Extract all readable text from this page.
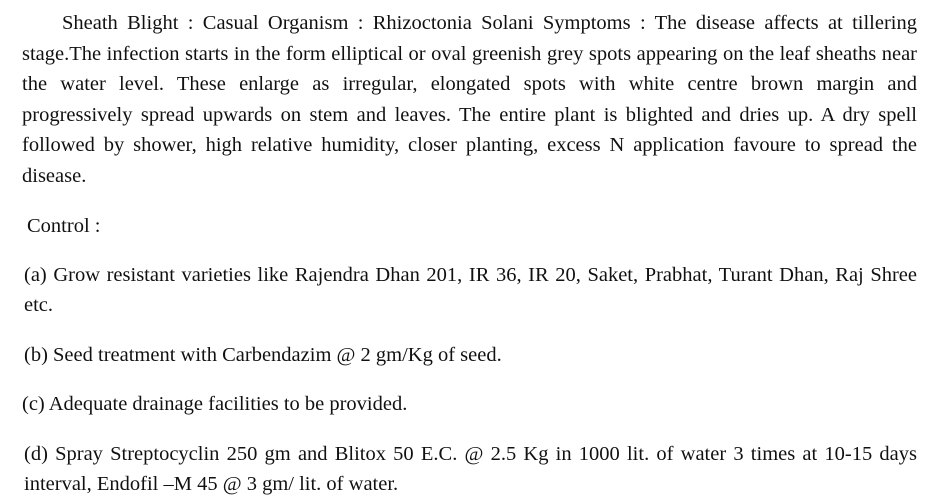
Sheath Blight : Casual Organism : Rhizoctonia Solani Symptoms : The disease affects at tillering stage.The infection starts in the form elliptical or oval greenish grey spots appearing on the leaf sheaths near the water level. These enlarge as irregular, elongated spots with white centre brown margin and progressively spread upwards on stem and leaves. The entire plant is blighted and dries up. A dry spell followed by shower, high relative humidity, closer planting, excess N application favoure to spread the disease.

Control :

(a) Grow resistant varieties like Rajendra Dhan 201, IR 36, IR 20, Saket, Prabhat, Turant Dhan, Raj Shree etc.

(b) Seed treatment with Carbendazim @ 2 gm/Kg of seed.

(c) Adequate drainage facilities to be provided.

(d) Spray Streptocyclin 250 gm and Blitox 50 E.C. @ 2.5 Kg in 1000 lit. of water 3 times at 10-15 days interval, Endofil –M 45 @ 3 gm/ lit. of water.
